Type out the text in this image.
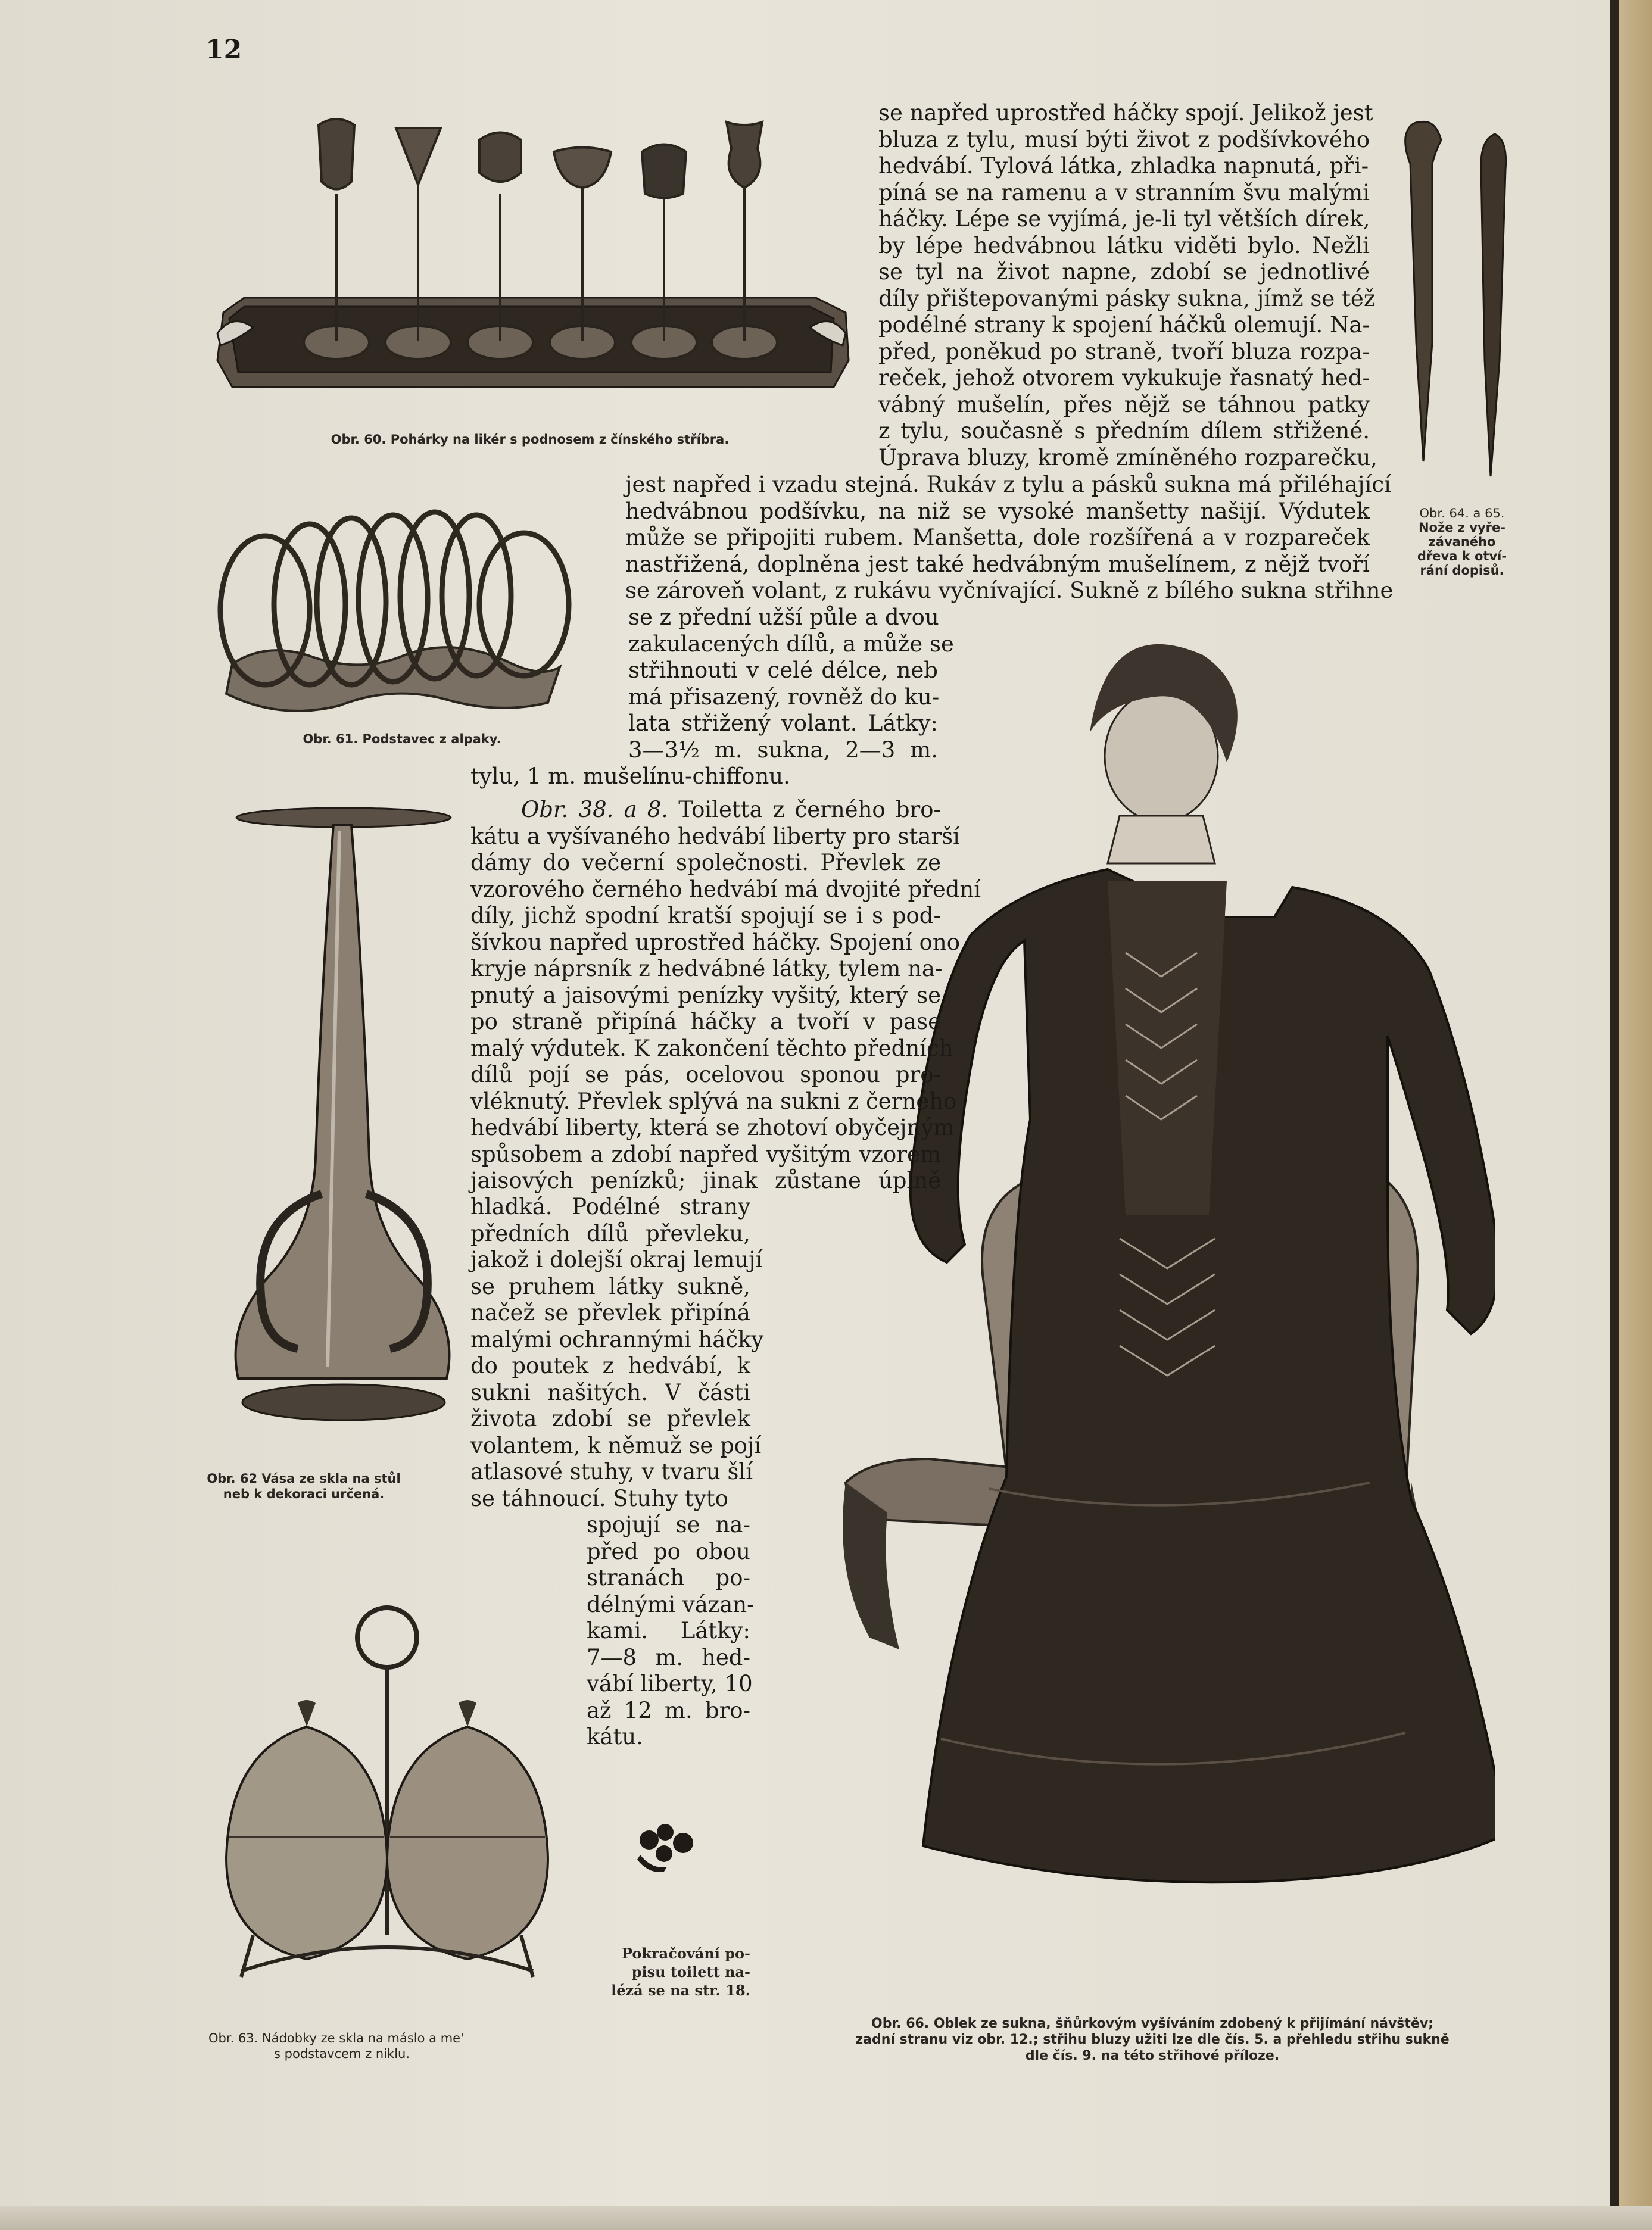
12
Obr. 60. Pohárky na likér s podnosem z čínského stříbra.
Obr. 61. Podstavec z alpaky.
Obr. 62 Vása ze skla na stůl
neb k dekoraci určená.
Obr. 63. Nádobky ze skla na máslo a me'
s podstavcem z niklu.
Obr. 64. a 65.
Nože z vyře-
závaného
dřeva k otví-
rání dopisů.
Obr. 66. Oblek ze sukna, šňůrkovým vyšíváním zdobený k přijímání návštěv;
zadní stranu viz obr. 12.; střihu bluzy užiti lze dle čís. 5. a přehledu střihu sukně
dle čís. 9. na této střihové příloze.

se napřed uprostřed háčky spojí. Jelikož jest

bluza z tylu, musí býti život z podšívkového

hedvábí. Tylová látka, zhladka napnutá, při-

píná se na ramenu a v stranním švu malými

háčky. Lépe se vyjímá, je-li tyl větších dírek,

by lépe hedvábnou látku viděti bylo. Nežli

se tyl na život napne, zdobí se jednotlivé

díly přištepovanými pásky sukna, jímž se též

podélné strany k spojení háčků olemují. Na-

před, poněkud po straně, tvoří bluza rozpa-

reček, jehož otvorem vykukuje řasnatý hed-

vábný mušelín, přes nějž se táhnou patky

z tylu, současně s předním dílem střižené.

Úprava bluzy, kromě zmíněného rozparečku,

jest napřed i vzadu stejná. Rukáv z tylu a pásků sukna má přiléhající

hedvábnou podšívku, na niž se vysoké manšetty našijí. Výdutek

může se připojiti rubem. Manšetta, dole rozšířená a v rozpareček

nastřižená, doplněna jest také hedvábným mušelínem, z nějž tvoří

se zároveň volant, z rukávu vyčnívající. Sukně z bílého sukna střihne

se z přední užší půle a dvou

zakulacených dílů, a může se

střihnouti v celé délce, neb

má přisazený, rovněž do ku-

lata střižený volant. Látky:

3—3½ m. sukna, 2—3 m.

tylu, 1 m. mušelínu-chiffonu.

Obr. 38. a 8. Toiletta z černého bro-

kátu a vyšívaného hedvábí liberty pro starší

dámy do večerní společnosti. Převlek ze

vzorového černého hedvábí má dvojité přední

díly, jichž spodní kratší spojují se i s pod-

šívkou napřed uprostřed háčky. Spojení ono

kryje náprsník z hedvábné látky, tylem na-

pnutý a jaisovými penízky vyšitý, který se

po straně připíná háčky a tvoří v pase

malý výdutek. K zakončení těchto předních

dílů pojí se pás, ocelovou sponou pro-

vléknutý. Převlek splývá na sukni z černého

hedvábí liberty, která se zhotoví obyčejným

spůsobem a zdobí napřed vyšitým vzorem

jaisových penízků; jinak zůstane úplně

hladká. Podélné strany

předních dílů převleku,

jakož i dolejší okraj lemují

se pruhem látky sukně,

načež se převlek připíná

malými ochrannými háčky

do poutek z hedvábí, k

sukni našitých. V části

života zdobí se převlek

volantem, k němuž se pojí

atlasové stuhy, v tvaru šlí

se táhnoucí. Stuhy tyto

spojují se na-

před po obou

stranách po-

délnými vázan-

kami. Látky:

7—8 m. hed-

vábí liberty, 10

až 12 m. bro-

kátu.

Pokračování po-
pisu toilett na-
lézá se na str. 18.
